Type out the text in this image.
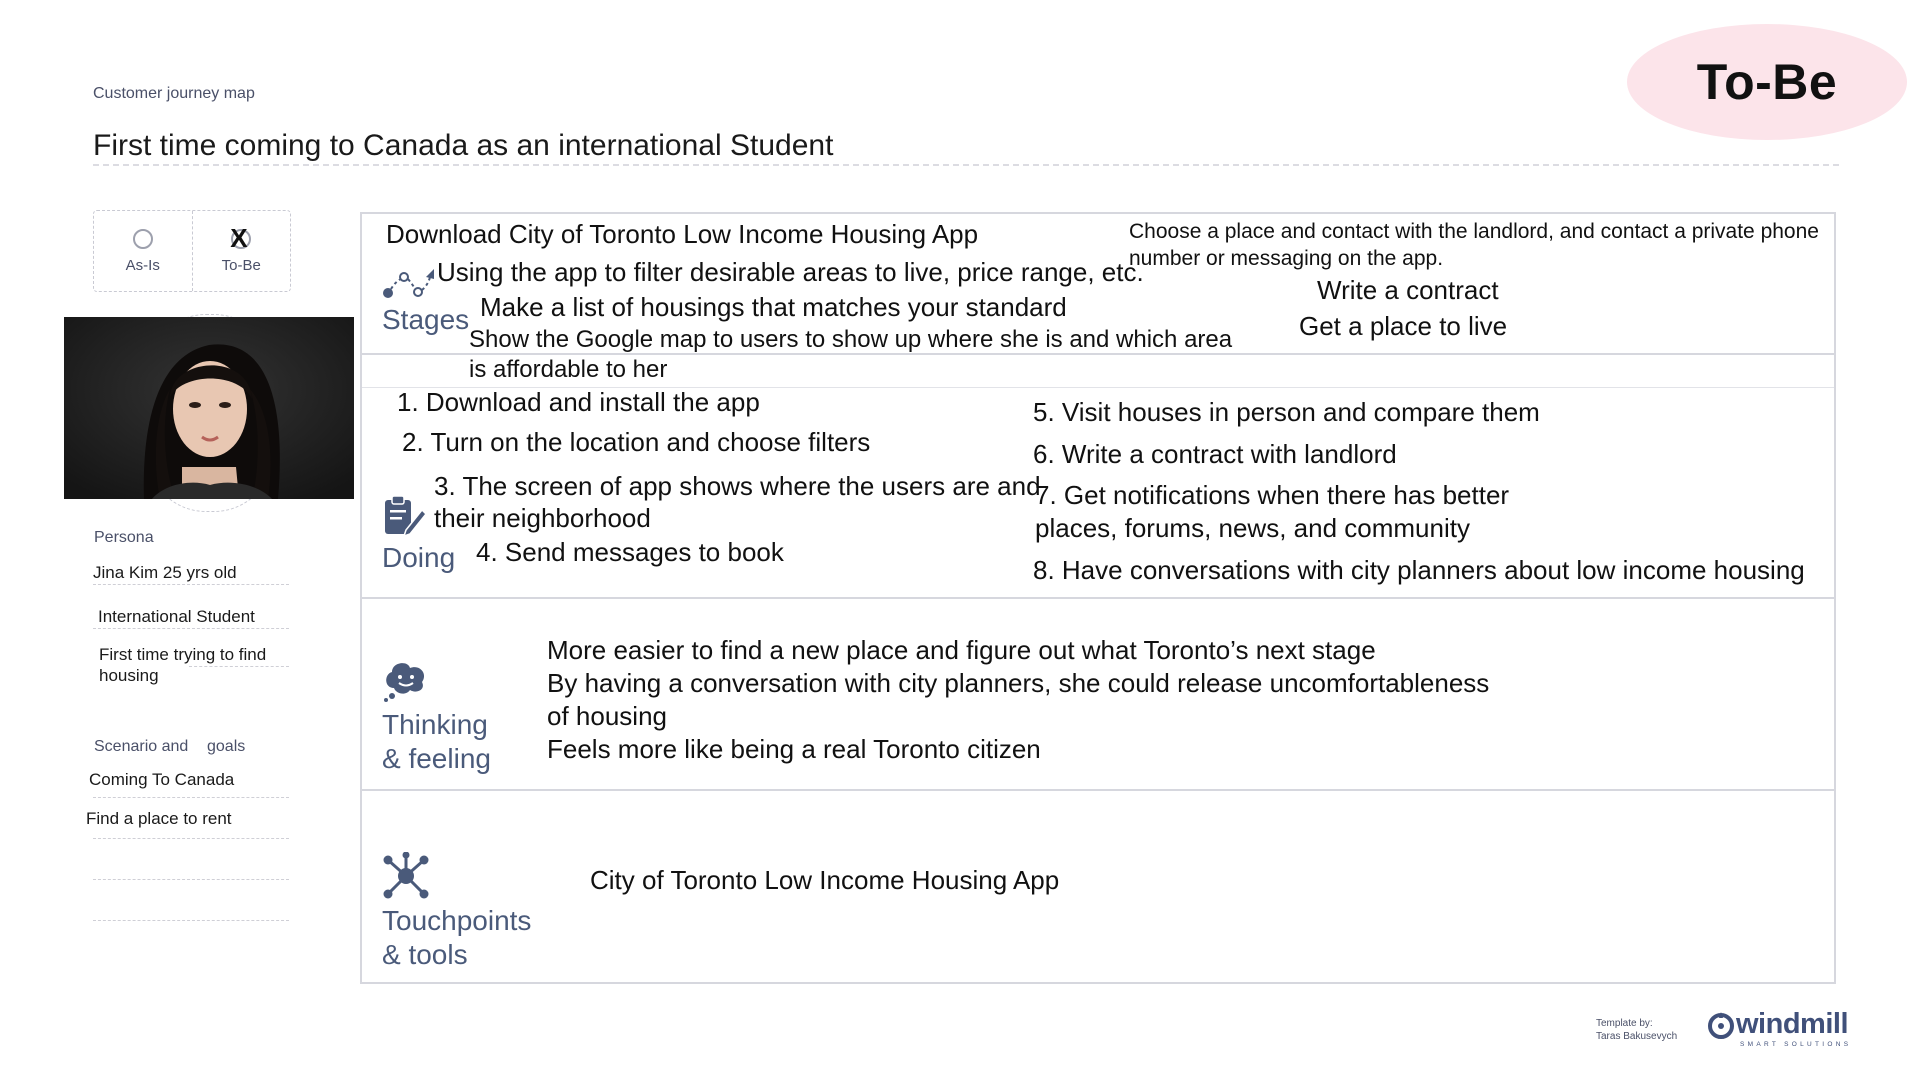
Customer journey map
First time coming to Canada as an international Student
To-Be
As-Is
X
To-Be
Persona
Jina Kim 25 yrs old
International Student
First time trying to find housing
Scenario and goals
Coming To Canada
Find a place to rent
Stages
Download City of Toronto Low Income Housing App
Using the app to filter desirable areas to live, price range, etc.
Make a list of housings that matches your standard
Show the Google map to users to show up where she is and which area
is affordable to her
Choose a place and contact with the landlord, and contact a private phone
number or messaging on the app.
Write a contract
Get a place to live
Doing
1. Download and install the app
2. Turn on the location and choose filters
3. The screen of app shows where the users are and
their neighborhood
4. Send messages to book
5. Visit houses in person and compare them
6. Write a contract with landlord
7. Get notifications when there has better
places, forums, news, and community
8. Have conversations with city planners about low income housing
Thinking
& feeling
More easier to find a new place and figure out what Toronto’s next stage
By having a conversation with city planners, she could release uncomfortableness
of housing
Feels more like being a real Toronto citizen
Touchpoints
& tools
City of Toronto Low Income Housing App
Template by:
Taras Bakusevych windmill
SMART SOLUTIONS
